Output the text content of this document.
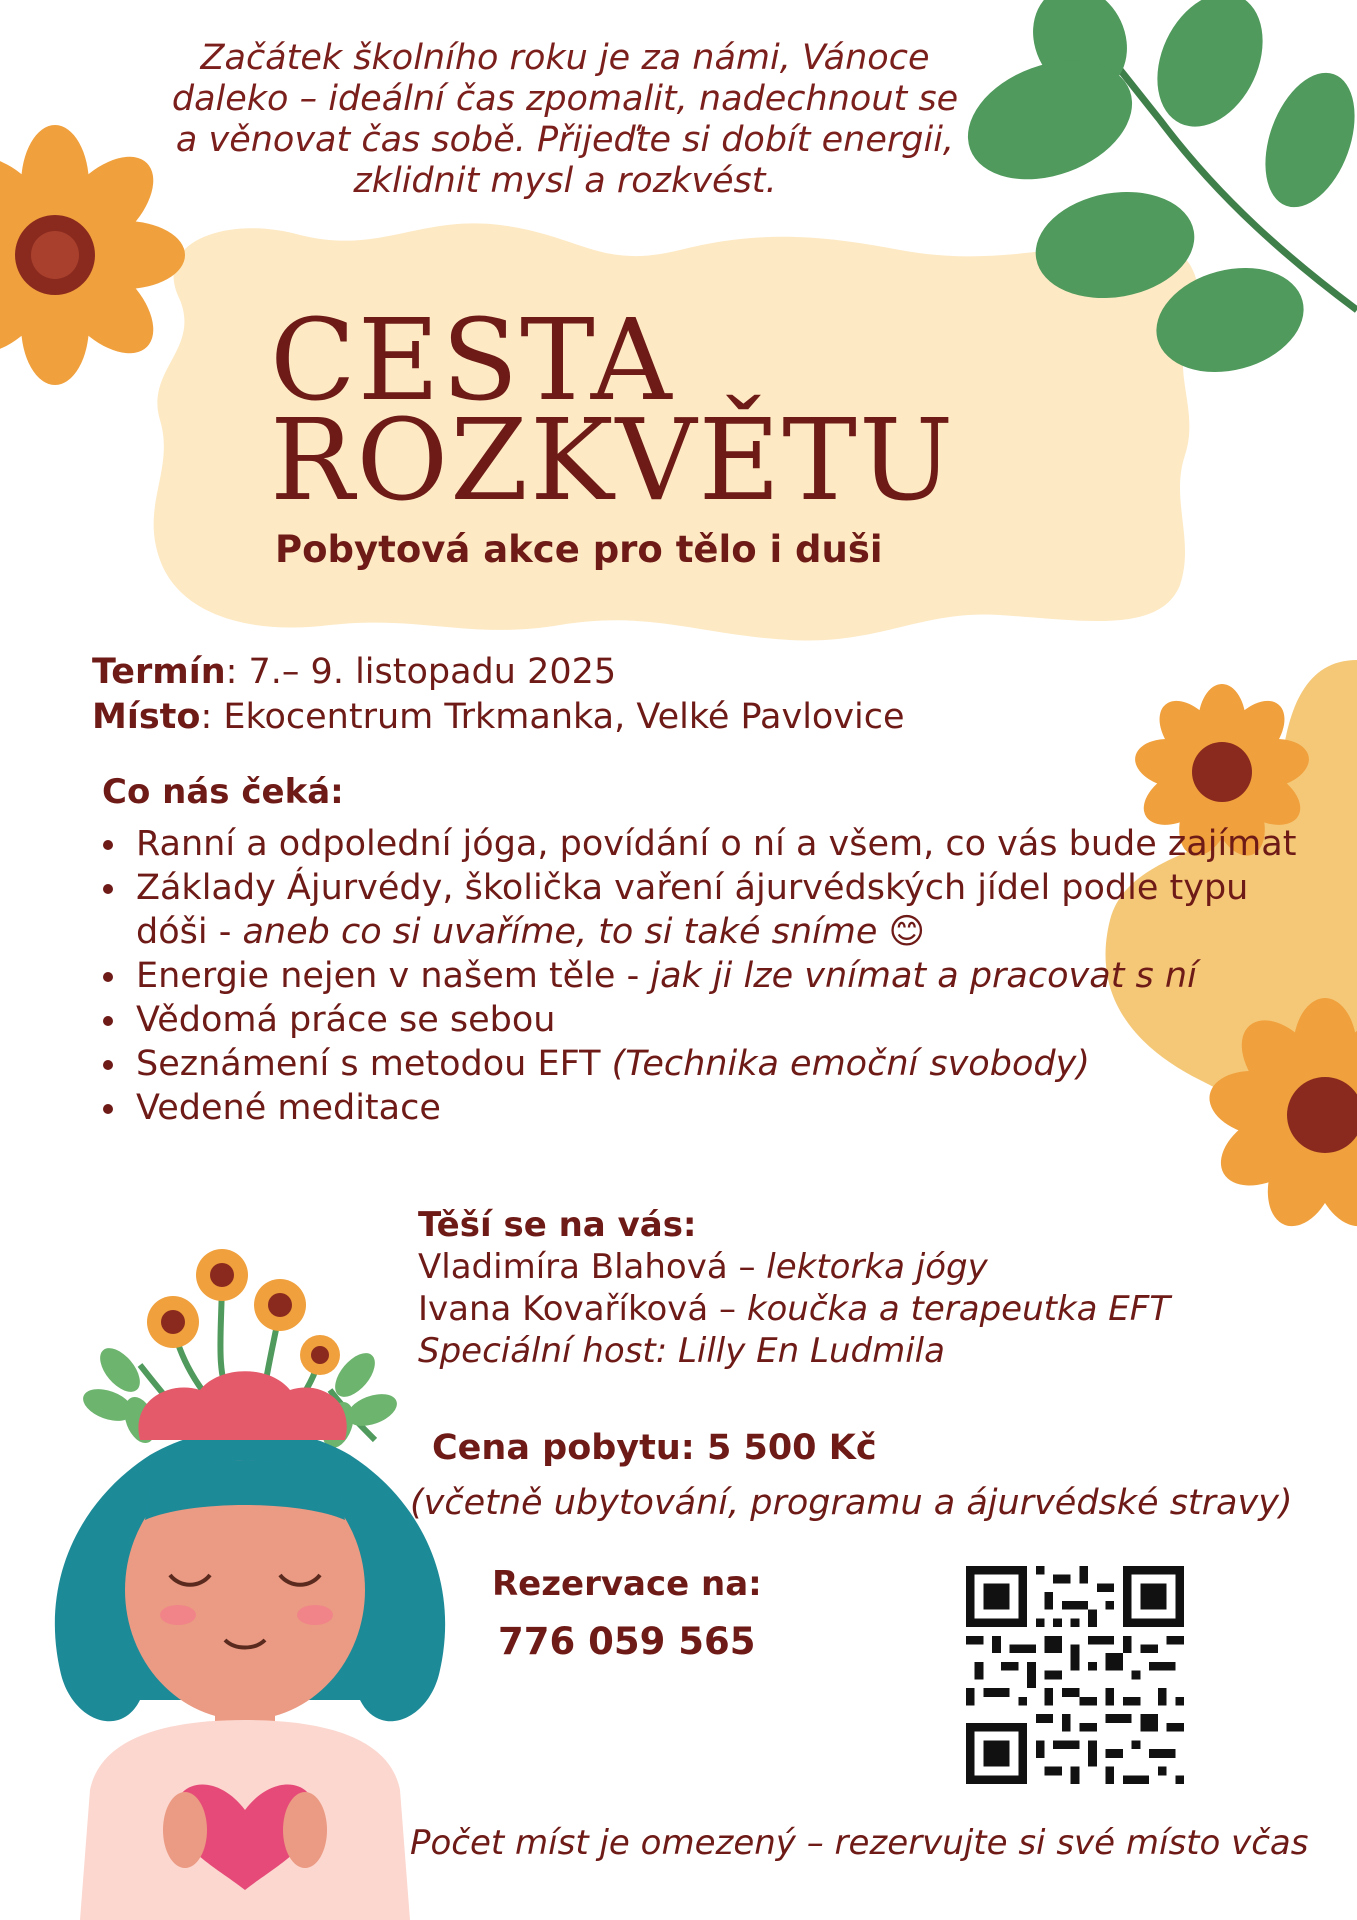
Začátek školního roku je za námi, Vánoce
daleko – ideální čas zpomalit, nadechnout se
a věnovat čas sobě. Přijeďte si dobít energii,
zklidnit mysl a rozkvést.
CESTA
ROZKVĚTU
Pobytová akce pro tělo i duši
Termín: 7.– 9. listopadu 2025
Místo: Ekocentrum Trkmanka, Velké Pavlovice
Co nás čeká:
• Ranní a odpolední jóga, povídání o ní a všem, co vás bude zajímat
• Základy Ájurvédy, školička vaření ájurvédských jídel podle typu dóši - aneb co si uvaříme, to si také sníme 😊
• Energie nejen v našem těle - jak ji lze vnímat a pracovat s ní
• Vědomá práce se sebou
• Seznámení s metodou EFT (Technika emoční svobody)
• Vedené meditace
Těší se na vás:
Vladimíra Blahová – lektorka jógy
Ivana Kovaříková – koučka a terapeutka EFT
Speciální host: Lilly En Ludmila
Cena pobytu: 5 500 Kč
(včetně ubytování, programu a ájurvédské stravy)
Rezervace na:
776 059 565
Počet míst je omezený – rezervujte si své místo včas
